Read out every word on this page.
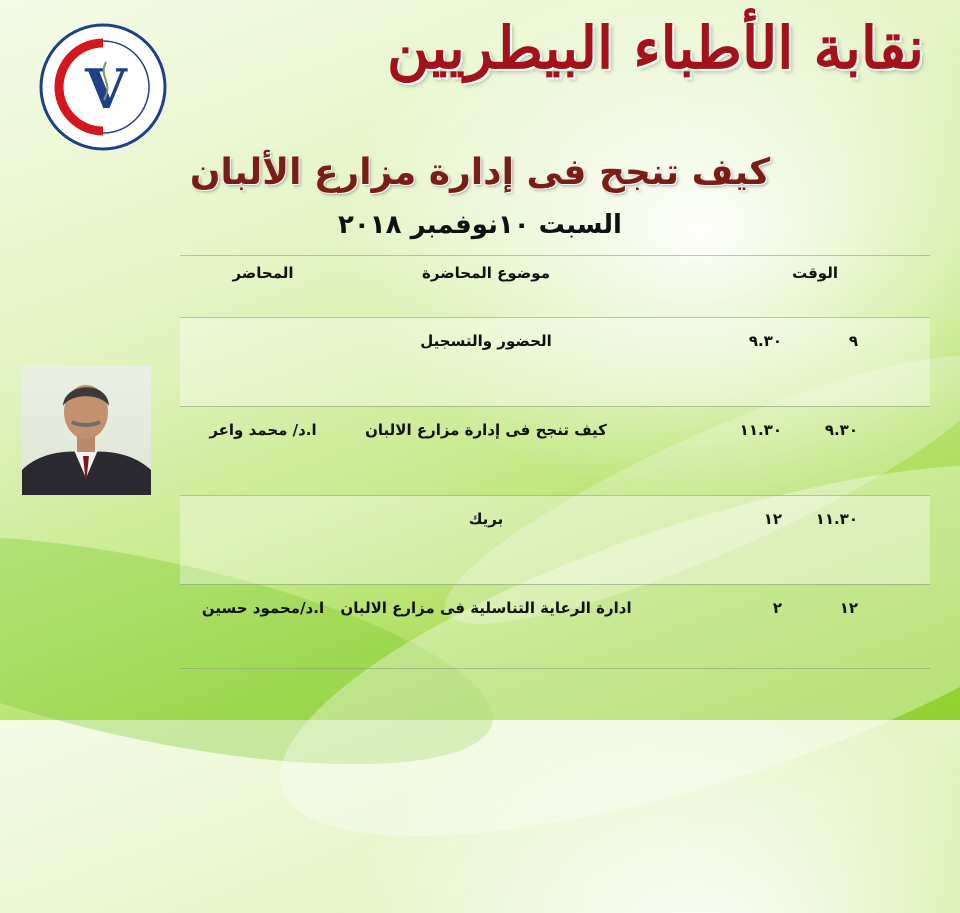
V
نقابة الأطباء البيطريين
كيف تنجح فى إدارة مزارع الألبان
السبت ١٠نوفمبر ٢٠١٨
الوقت
موضوع المحاضرة
المحاضر
٩
٩.٣٠
الحضور والتسجيل
٩.٣٠
١١.٣٠
كيف تنجح فى إدارة مزارع الالبان
ا.د/ محمد واعر
١١.٣٠
١٢
بريك
١٢
٢
ادارة الرعاية التناسلية فى مزارع الالبان
ا.د/محمود حسين
